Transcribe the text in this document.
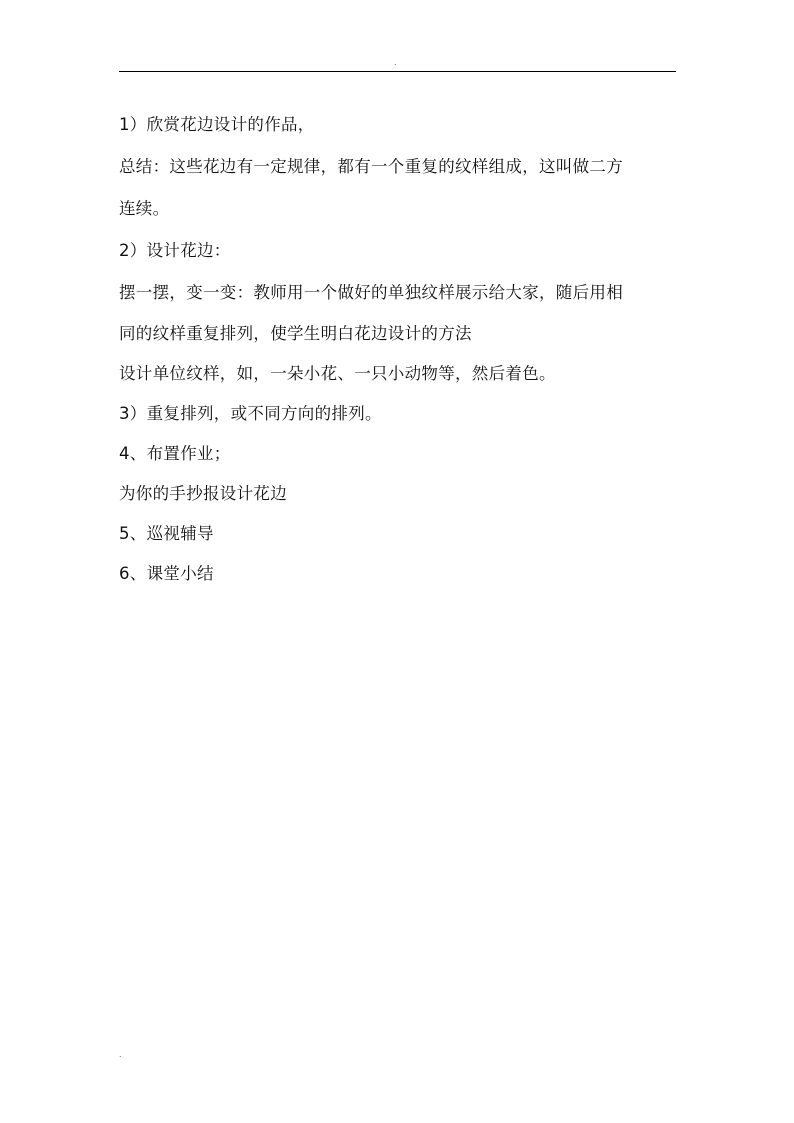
.
1）欣赏花边设计的作品，
总结：这些花边有一定规律，都有一个重复的纹样组成，这叫做二方
连续。
2）设计花边：
摆一摆，变一变：教师用一个做好的单独纹样展示给大家，随后用相
同的纹样重复排列，使学生明白花边设计的方法
设计单位纹样，如，一朵小花、一只小动物等，然后着色。
3）重复排列，或不同方向的排列。
4、布置作业；
为你的手抄报设计花边
5、巡视辅导
6、课堂小结
.
